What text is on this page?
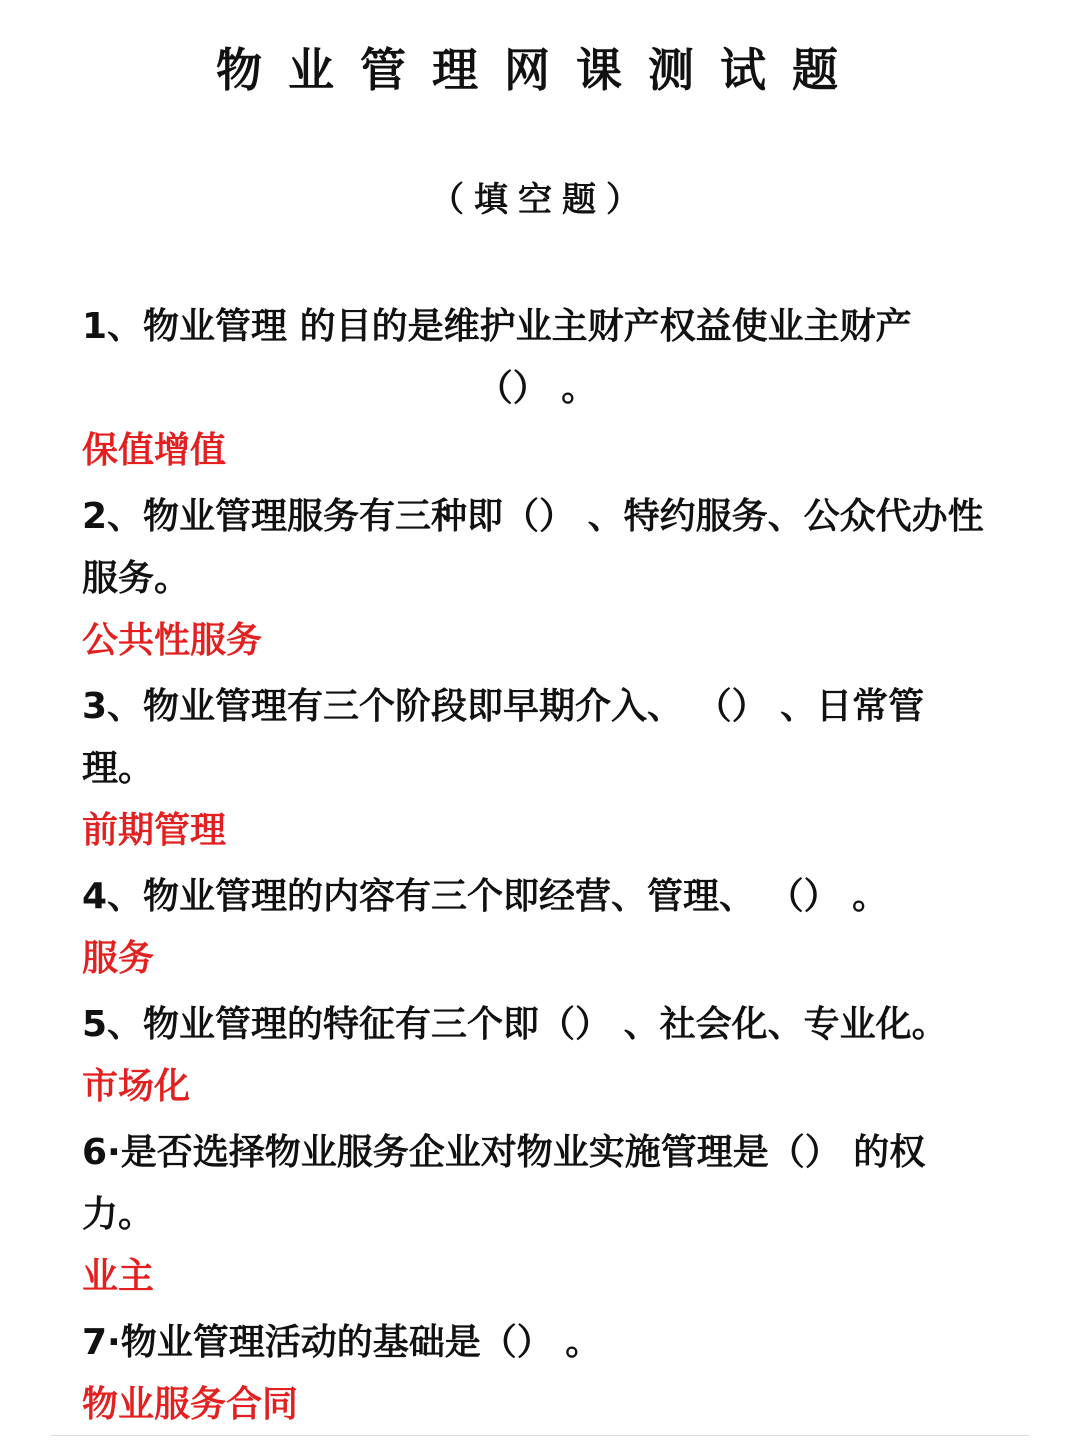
物业管理网课测试题
（填空题）

1、物业管理 的目的是维护业主财产权益使业主财产
（） 。

保值增值

2、物业管理服务有三种即（） 、特约服务、公众代办性服务。

公共性服务

3、物业管理有三个阶段即早期介入、 （） 、日常管理。

前期管理

4、物业管理的内容有三个即经营、管理、 （） 。

服务

5、物业管理的特征有三个即（） 、社会化、专业化。

市场化

6·是否选择物业服务企业对物业实施管理是（） 的权力。

业主

7·物业管理活动的基础是（） 。

物业服务合同
